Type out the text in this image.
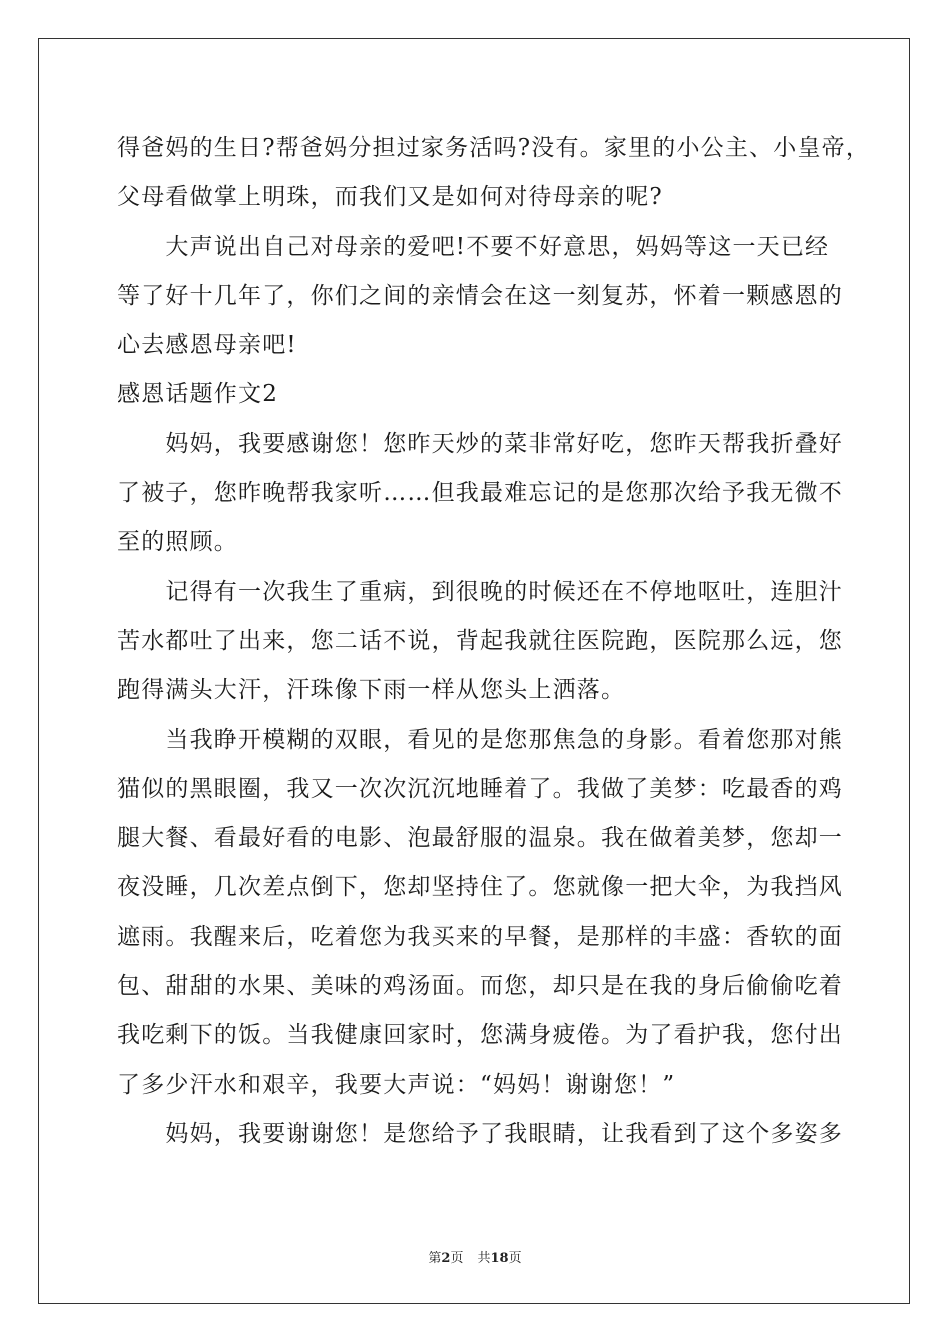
得爸妈的生日?帮爸妈分担过家务活吗?没有。家里的小公主、小皇帝，
父母看做掌上明珠，而我们又是如何对待母亲的呢?
　　大声说出自己对母亲的爱吧!不要不好意思，妈妈等这一天已经
等了好十几年了，你们之间的亲情会在这一刻复苏，怀着一颗感恩的
心去感恩母亲吧!
感恩话题作文2
　　妈妈，我要感谢您！您昨天炒的菜非常好吃，您昨天帮我折叠好
了被子，您昨晚帮我家听……但我最难忘记的是您那次给予我无微不
至的照顾。
　　记得有一次我生了重病，到很晚的时候还在不停地呕吐，连胆汁
苦水都吐了出来，您二话不说，背起我就往医院跑，医院那么远，您
跑得满头大汗，汗珠像下雨一样从您头上洒落。
　　当我睁开模糊的双眼，看见的是您那焦急的身影。看着您那对熊
猫似的黑眼圈，我又一次次沉沉地睡着了。我做了美梦：吃最香的鸡
腿大餐、看最好看的电影、泡最舒服的温泉。我在做着美梦，您却一
夜没睡，几次差点倒下，您却坚持住了。您就像一把大伞，为我挡风
遮雨。我醒来后，吃着您为我买来的早餐，是那样的丰盛：香软的面
包、甜甜的水果、美味的鸡汤面。而您，却只是在我的身后偷偷吃着
我吃剩下的饭。当我健康回家时，您满身疲倦。为了看护我，您付出
了多少汗水和艰辛，我要大声说：“妈妈！谢谢您！”
　　妈妈，我要谢谢您！是您给予了我眼睛，让我看到了这个多姿多
第2页 共18页
